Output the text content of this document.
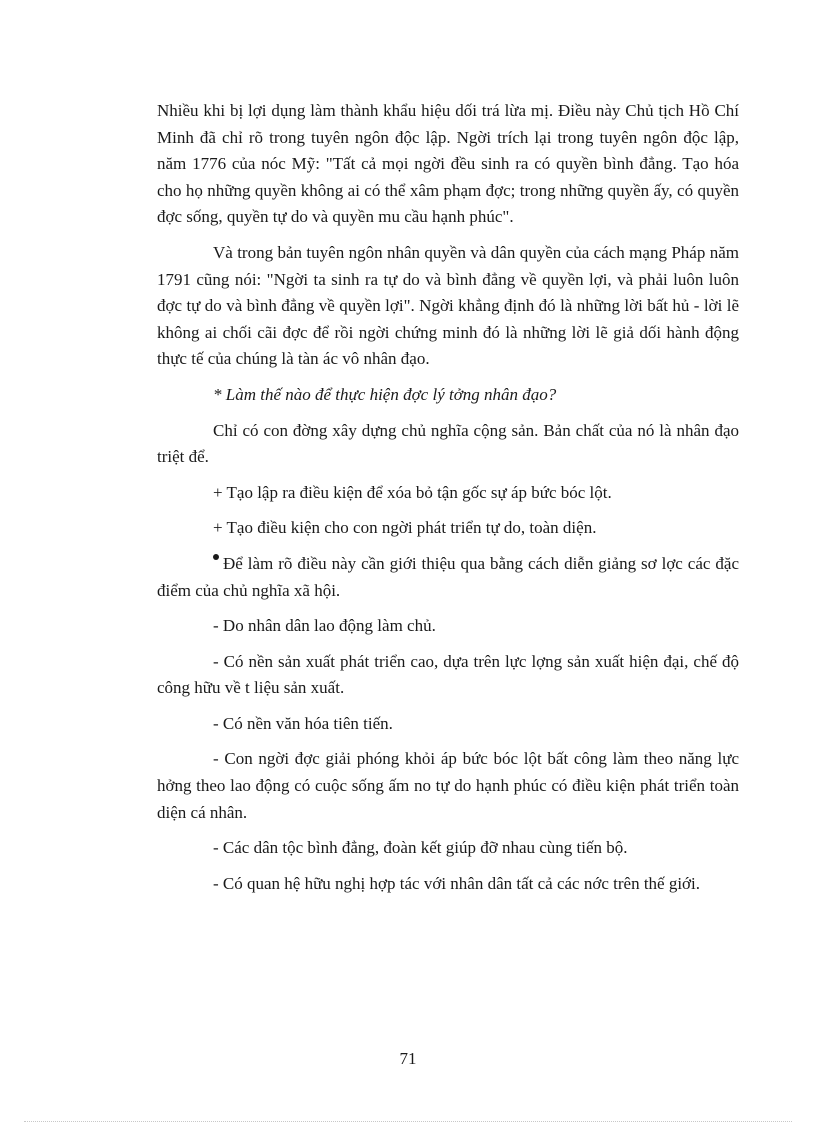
Nhiều khi bị lợi dụng làm thành khẩu hiệu dối trá lừa mị. Điều này Chủ tịch Hồ Chí Minh đã chỉ rõ trong tuyên ngôn độc lập. Ngời trích lại trong tuyên ngôn độc lập, năm 1776 của nóc Mỹ: "Tất cả mọi ngời đều sinh ra có quyền bình đẳng. Tạo hóa cho họ những quyền không ai có thể xâm phạm đợc; trong những quyền ấy, có quyền đợc sống, quyền tự do và quyền mu cầu hạnh phúc".

Và trong bản tuyên ngôn nhân quyền và dân quyền của cách mạng Pháp năm 1791 cũng nói: "Ngời ta sinh ra tự do và bình đẳng về quyền lợi, và phải luôn luôn đợc tự do và bình đẳng về quyền lợi". Ngời khẳng định đó là những lời bất hủ - lời lẽ không ai chối cãi đợc để rồi ngời chứng minh đó là những lời lẽ giả dối hành động thực tế của chúng là tàn ác vô nhân đạo.

* Làm thế nào để thực hiện đợc lý tởng nhân đạo?

Chỉ có con đờng xây dựng chủ nghĩa cộng sản. Bản chất của nó là nhân đạo triệt để.

+ Tạo lập ra điều kiện để xóa bỏ tận gốc sự áp bức bóc lột.

+ Tạo điều kiện cho con ngời phát triển tự do, toàn diện.

Để làm rõ điều này cần giới thiệu qua bằng cách diễn giảng sơ lợc các đặc điểm của chủ nghĩa xã hội.

- Do nhân dân lao động làm chủ.

- Có nền sản xuất phát triển cao, dựa trên lực lợng sản xuất hiện đại, chế độ công hữu về t liệu sản xuất.

- Có nền văn hóa tiên tiến.

- Con ngời đợc giải phóng khỏi áp bức bóc lột bất công làm theo năng lực hởng theo lao động có cuộc sống ấm no tự do hạnh phúc có điều kiện phát triển toàn diện cá nhân.

- Các dân tộc bình đẳng, đoàn kết giúp đỡ nhau cùng tiến bộ.

- Có quan hệ hữu nghị hợp tác với nhân dân tất cả các nớc trên thế giới.

71
